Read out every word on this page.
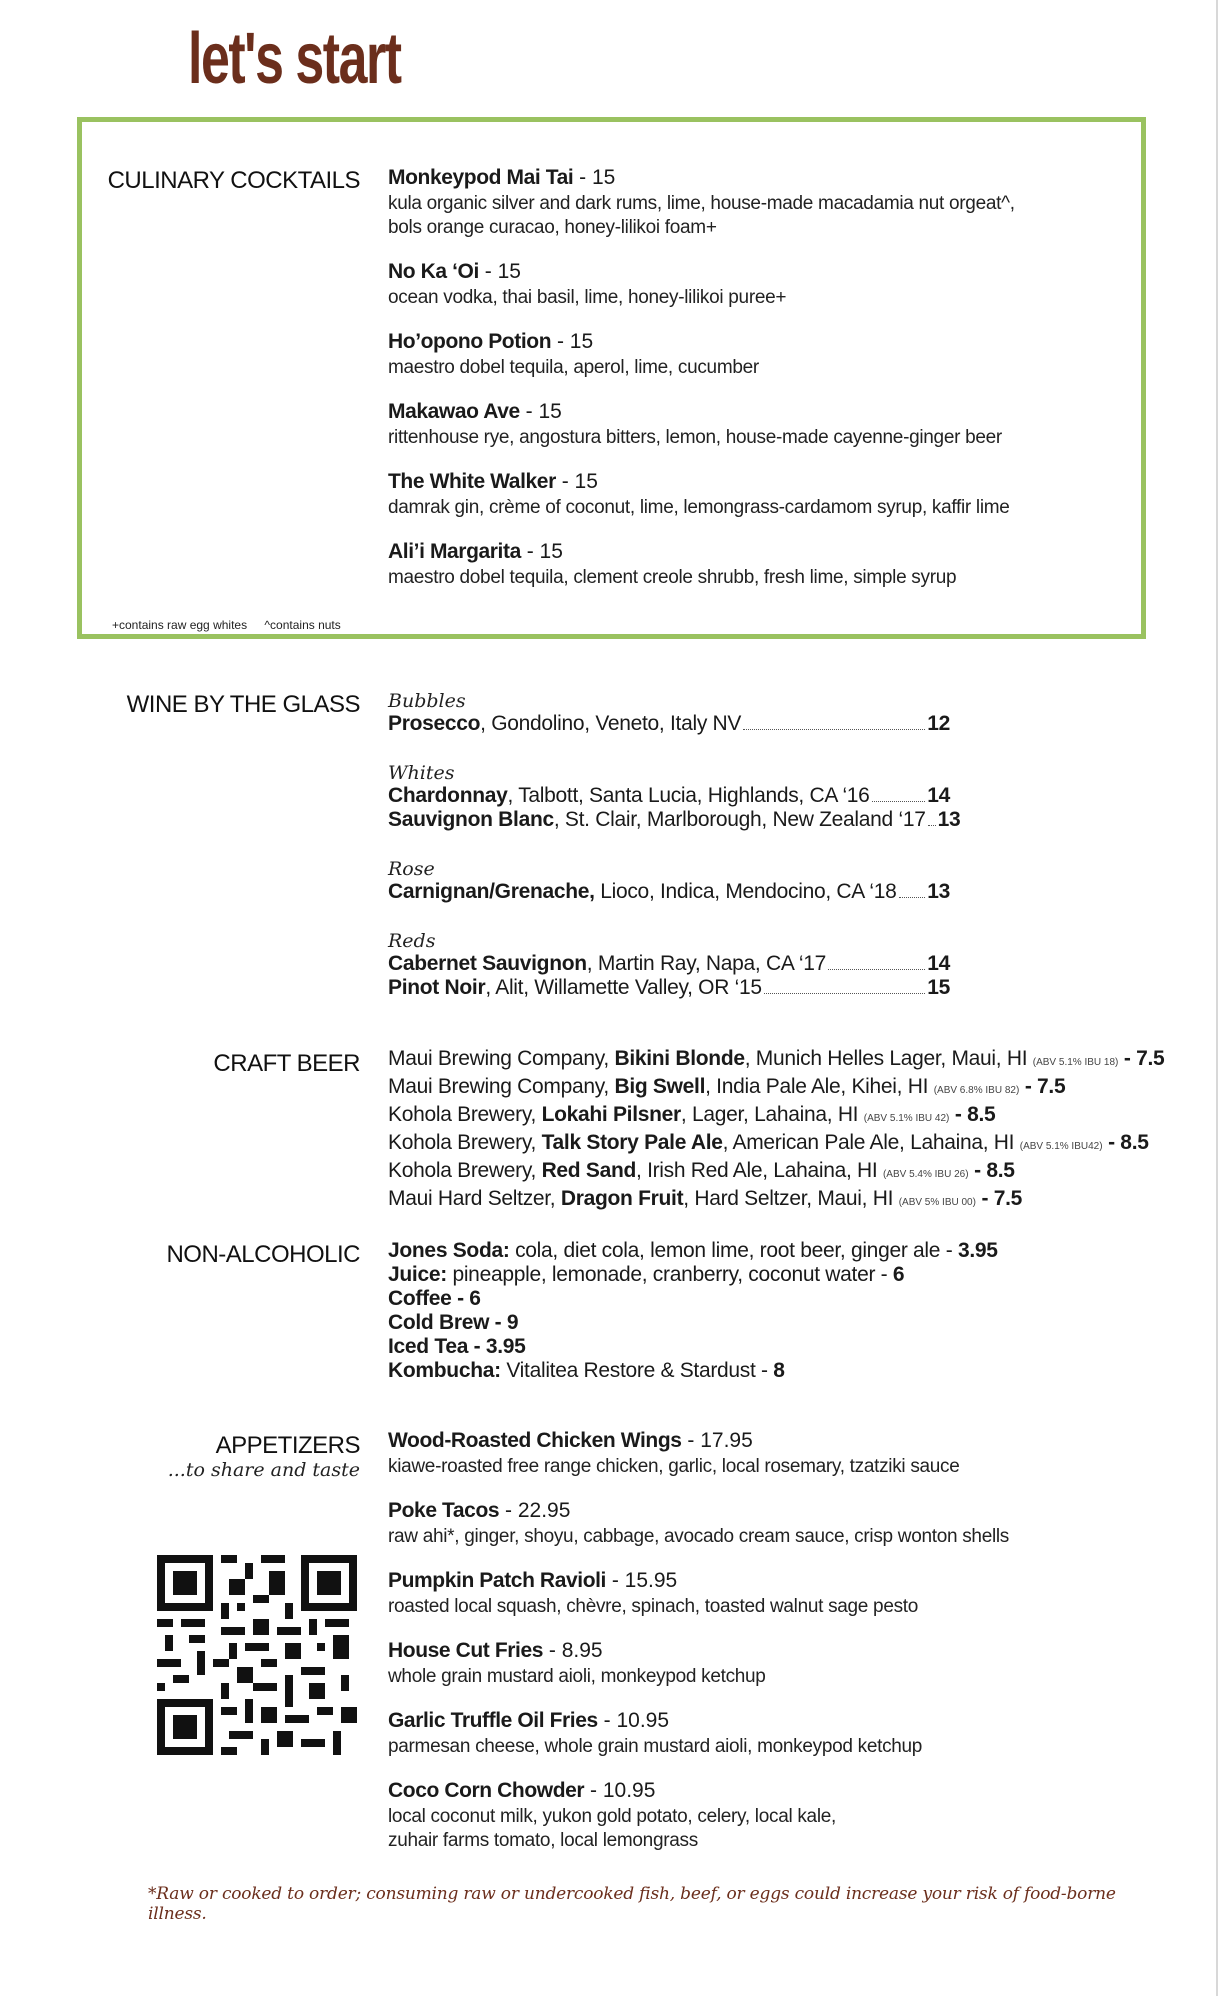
let's start
CULINARY COCKTAILS Monkeypod Mai Tai - 15
kula organic silver and dark rums, lime, house-made macadamia nut orgeat^,
bols orange curacao, honey-lilikoi foam+
No Ka ‘Oi - 15
ocean vodka, thai basil, lime, honey-lilikoi puree+
Ho’opono Potion - 15
maestro dobel tequila, aperol, lime, cucumber
Makawao Ave - 15
rittenhouse rye, angostura bitters, lemon, house-made cayenne-ginger beer
The White Walker - 15
damrak gin, crème of coconut, lime, lemongrass-cardamom syrup, kaffir lime
Ali’i Margarita - 15
maestro dobel tequila, clement creole shrubb, fresh lime, simple syrup
+contains raw egg whites ^contains nuts
WINE BY THE GLASS Bubbles
Prosecco, Gondolino, Veneto, Italy NV	12
Whites
Chardonnay, Talbott, Santa Lucia, Highlands, CA ‘16	14
Sauvignon Blanc, St. Clair, Marlborough, New Zealand ‘17 13
Rose
Carnignan/Grenache, Lioco, Indica, Mendocino, CA ‘18 13
Reds
Cabernet Sauvignon, Martin Ray, Napa, CA ‘17	14
Pinot Noir, Alit, Willamette Valley, OR ‘15	15
CRAFT BEER Maui Brewing Company, Bikini Blonde, Munich Helles Lager, Maui, HI (ABV 5.1% IBU 18) - 7.5
Maui Brewing Company, Big Swell, India Pale Ale, Kihei, HI (ABV 6.8% IBU 82) - 7.5
Kohola Brewery, Lokahi Pilsner, Lager, Lahaina, HI (ABV 5.1% IBU 42) - 8.5
Kohola Brewery, Talk Story Pale Ale, American Pale Ale, Lahaina, HI (ABV 5.1% IBU42) - 8.5
Kohola Brewery, Red Sand, Irish Red Ale, Lahaina, HI (ABV 5.4% IBU 26) - 8.5
Maui Hard Seltzer, Dragon Fruit, Hard Seltzer, Maui, HI (ABV 5% IBU 00) - 7.5
NON-ALCOHOLIC Jones Soda: cola, diet cola, lemon lime, root beer, ginger ale - 3.95
Juice: pineapple, lemonade, cranberry, coconut water - 6
Coffee - 6
Cold Brew - 9
Iced Tea - 3.95
Kombucha: Vitalitea Restore & Stardust - 8
APPETIZERS
...to share and taste
Wood-Roasted Chicken Wings - 17.95
kiawe-roasted free range chicken, garlic, local rosemary, tzatziki sauce
Poke Tacos - 22.95
raw ahi*, ginger, shoyu, cabbage, avocado cream sauce, crisp wonton shells
Pumpkin Patch Ravioli - 15.95
roasted local squash, chèvre, spinach, toasted walnut sage pesto
House Cut Fries - 8.95
whole grain mustard aioli, monkeypod ketchup
Garlic Truffle Oil Fries - 10.95
parmesan cheese, whole grain mustard aioli, monkeypod ketchup
Coco Corn Chowder - 10.95
local coconut milk, yukon gold potato, celery, local kale,
zuhair farms tomato, local lemongrass
*Raw or cooked to order; consuming raw or undercooked fish, beef, or eggs could increase your risk of food-borne illness.
